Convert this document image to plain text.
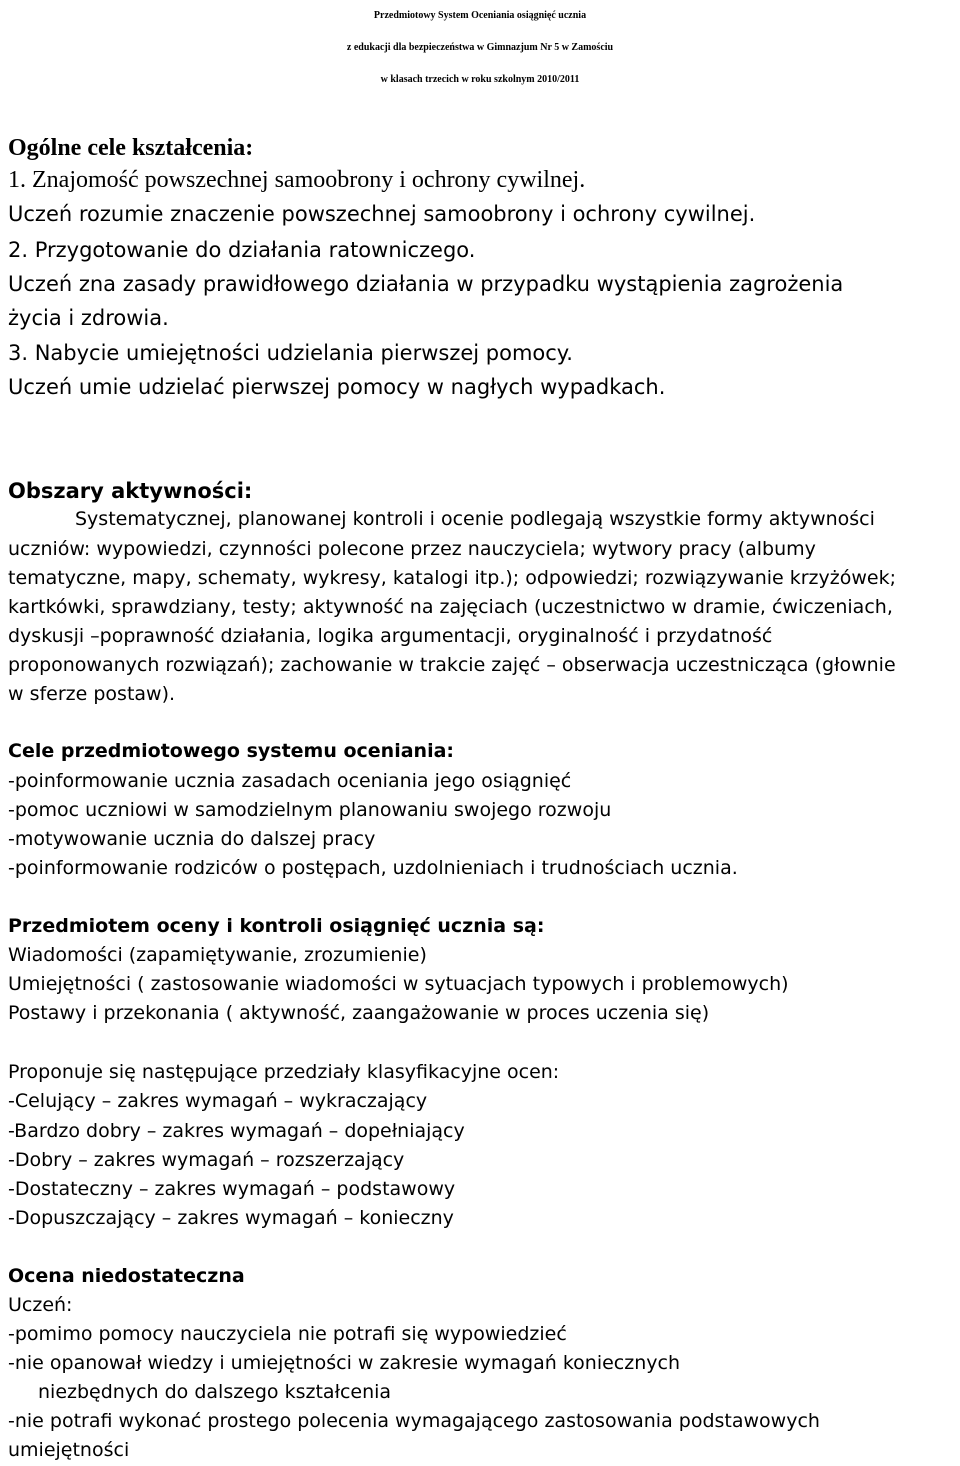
Przedmiotowy System Oceniania osiągnięć ucznia
z edukacji dla bezpieczeństwa w Gimnazjum Nr 5 w Zamościu
w klasach trzecich w roku szkolnym 2010/2011
Ogólne cele kształcenia:
1. Znajomość powszechnej samoobrony i ochrony cywilnej.
Uczeń rozumie znaczenie powszechnej samoobrony i ochrony cywilnej.
2. Przygotowanie do działania ratowniczego.
Uczeń zna zasady prawidłowego działania w przypadku wystąpienia zagrożenia
życia i zdrowia.
3. Nabycie umiejętności udzielania pierwszej pomocy.
Uczeń umie udzielać pierwszej pomocy w nagłych wypadkach.
Obszary aktywności:
Systematycznej, planowanej kontroli i ocenie podlegają wszystkie formy aktywności
uczniów: wypowiedzi, czynności polecone przez nauczyciela; wytwory pracy (albumy
tematyczne, mapy, schematy, wykresy, katalogi itp.); odpowiedzi; rozwiązywanie krzyżówek;
kartkówki, sprawdziany, testy; aktywność na zajęciach (uczestnictwo w dramie, ćwiczeniach,
dyskusji –poprawność działania, logika argumentacji, oryginalność i przydatność
proponowanych rozwiązań); zachowanie w trakcie zajęć – obserwacja uczestnicząca (głownie
w sferze postaw).
Cele przedmiotowego systemu oceniania:
-poinformowanie ucznia zasadach oceniania jego osiągnięć
-pomoc uczniowi w samodzielnym planowaniu swojego rozwoju
-motywowanie ucznia do dalszej pracy
-poinformowanie rodziców o postępach, uzdolnieniach i trudnościach ucznia.
Przedmiotem oceny i kontroli osiągnięć ucznia są:
Wiadomości (zapamiętywanie, zrozumienie)
Umiejętności ( zastosowanie wiadomości w sytuacjach typowych i problemowych)
Postawy i przekonania ( aktywność, zaangażowanie w proces uczenia się)
Proponuje się następujące przedziały klasyfikacyjne ocen:
-Celujący – zakres wymagań – wykraczający
-Bardzo dobry – zakres wymagań – dopełniający
-Dobry – zakres wymagań – rozszerzający
-Dostateczny – zakres wymagań – podstawowy
-Dopuszczający – zakres wymagań – konieczny
Ocena niedostateczna
Uczeń:
-pomimo pomocy nauczyciela nie potrafi się wypowiedzieć
-nie opanował wiedzy i umiejętności w zakresie wymagań koniecznych
niezbędnych do dalszego kształcenia
-nie potrafi wykonać prostego polecenia wymagającego zastosowania podstawowych
umiejętności
